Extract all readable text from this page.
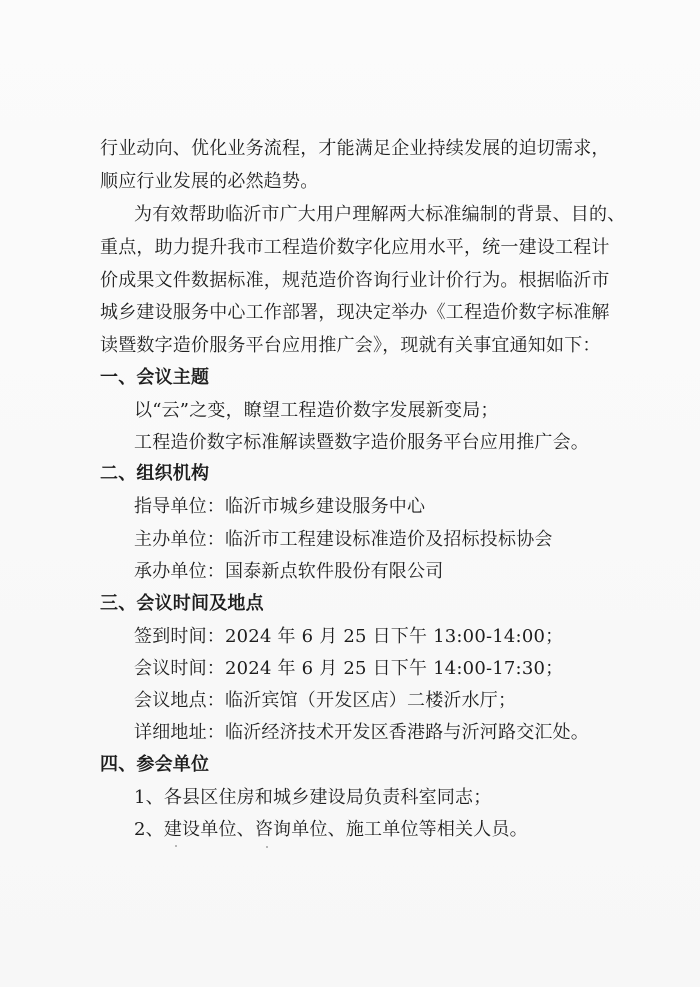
行业动向、优化业务流程，才能满足企业持续发展的迫切需求，
顺应行业发展的必然趋势。
为有效帮助临沂市广大用户理解两大标准编制的背景、目的、
重点，助力提升我市工程造价数字化应用水平，统一建设工程计
价成果文件数据标准，规范造价咨询行业计价行为。根据临沂市
城乡建设服务中心工作部署，现决定举办《工程造价数字标准解
读暨数字造价服务平台应用推广会》，现就有关事宜通知如下：
一、会议主题
以“云”之变，瞭望工程造价数字发展新变局；
工程造价数字标准解读暨数字造价服务平台应用推广会。
二、组织机构
指导单位：临沂市城乡建设服务中心
主办单位：临沂市工程建设标准造价及招标投标协会
承办单位：国泰新点软件股份有限公司
三、会议时间及地点
签到时间：2024 年 6 月 25 日下午 13:00-14:00；
会议时间：2024 年 6 月 25 日下午 14:00-17:30；
会议地点：临沂宾馆（开发区店）二楼沂水厅；
详细地址：临沂经济技术开发区香港路与沂河路交汇处。
四、参会单位
1、各县区住房和城乡建设局负责科室同志；
2、建设单位、咨询单位、施工单位等相关人员。
